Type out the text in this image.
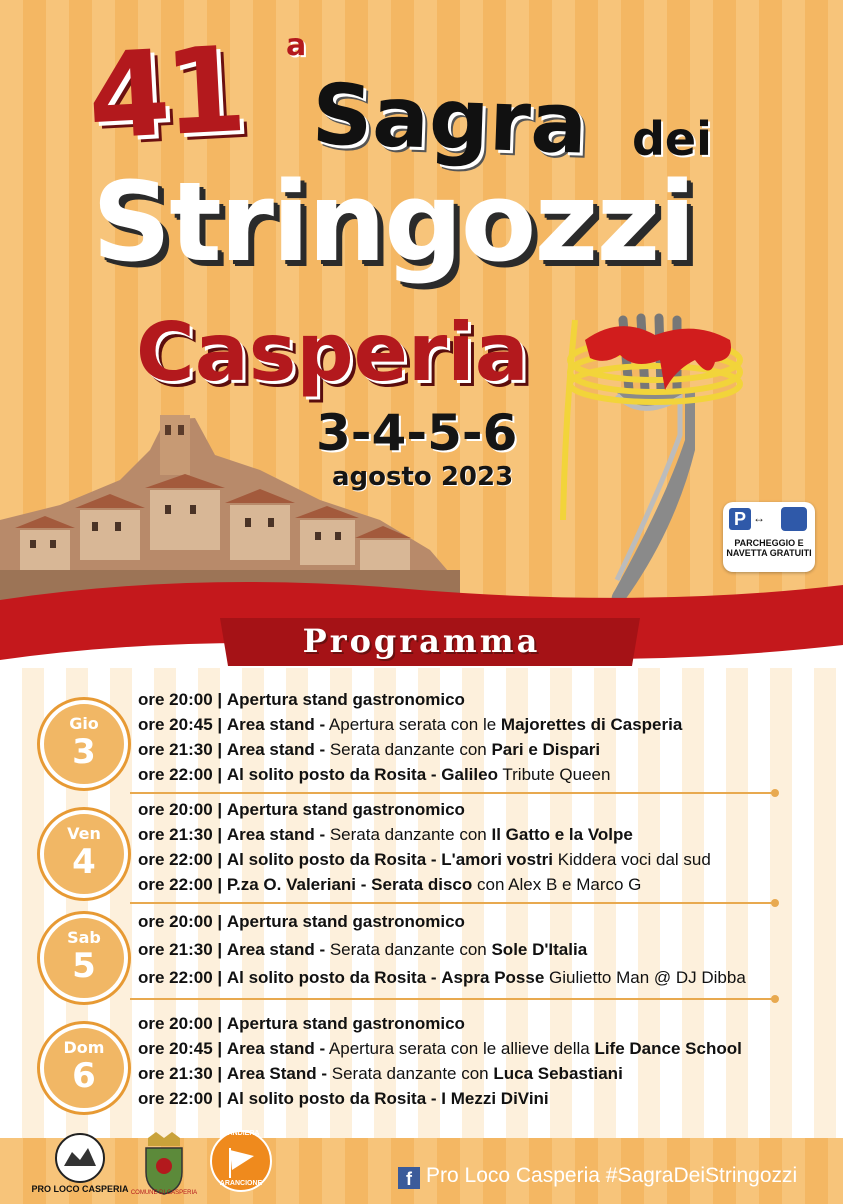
41 a
Sagra dei
Stringozzi
Casperia
3-4-5-6
agosto 2023
P ↔
PARCHEGGIO E NAVETTA GRATUITI
Programma
Gio
3
ore 20:00 | Apertura stand gastronomico
ore 20:45 | Area stand - Apertura serata con le Majorettes di Casperia
ore 21:30 | Area stand - Serata danzante con Pari e Dispari
ore 22:00 | Al solito posto da Rosita - Galileo Tribute Queen
Ven
4
ore 20:00 | Apertura stand gastronomico
ore 21:30 | Area stand - Serata danzante con Il Gatto e la Volpe
ore 22:00 | Al solito posto da Rosita - L'amori vostri Kiddera voci dal sud
ore 22:00 | P.za O. Valeriani - Serata disco con Alex B e Marco G
Sab
5
ore 20:00 | Apertura stand gastronomico
ore 21:30 | Area stand - Serata danzante con Sole D'Italia
ore 22:00 | Al solito posto da Rosita - Aspra Posse Giulietto Man @ DJ Dibba
Dom
6
ore 20:00 | Apertura stand gastronomico
ore 20:45 | Area stand - Apertura serata con le allieve della Life Dance School
ore 21:30 | Area Stand - Serata danzante con Luca Sebastiani
ore 22:00 | Al solito posto da Rosita - I Mezzi DiVini
PRO LOCO CASPERIA COMUNE DI CASPERIA
BANDIERA
ARANCIONE	f Pro Loco Casperia #SagraDeiStringozzi
